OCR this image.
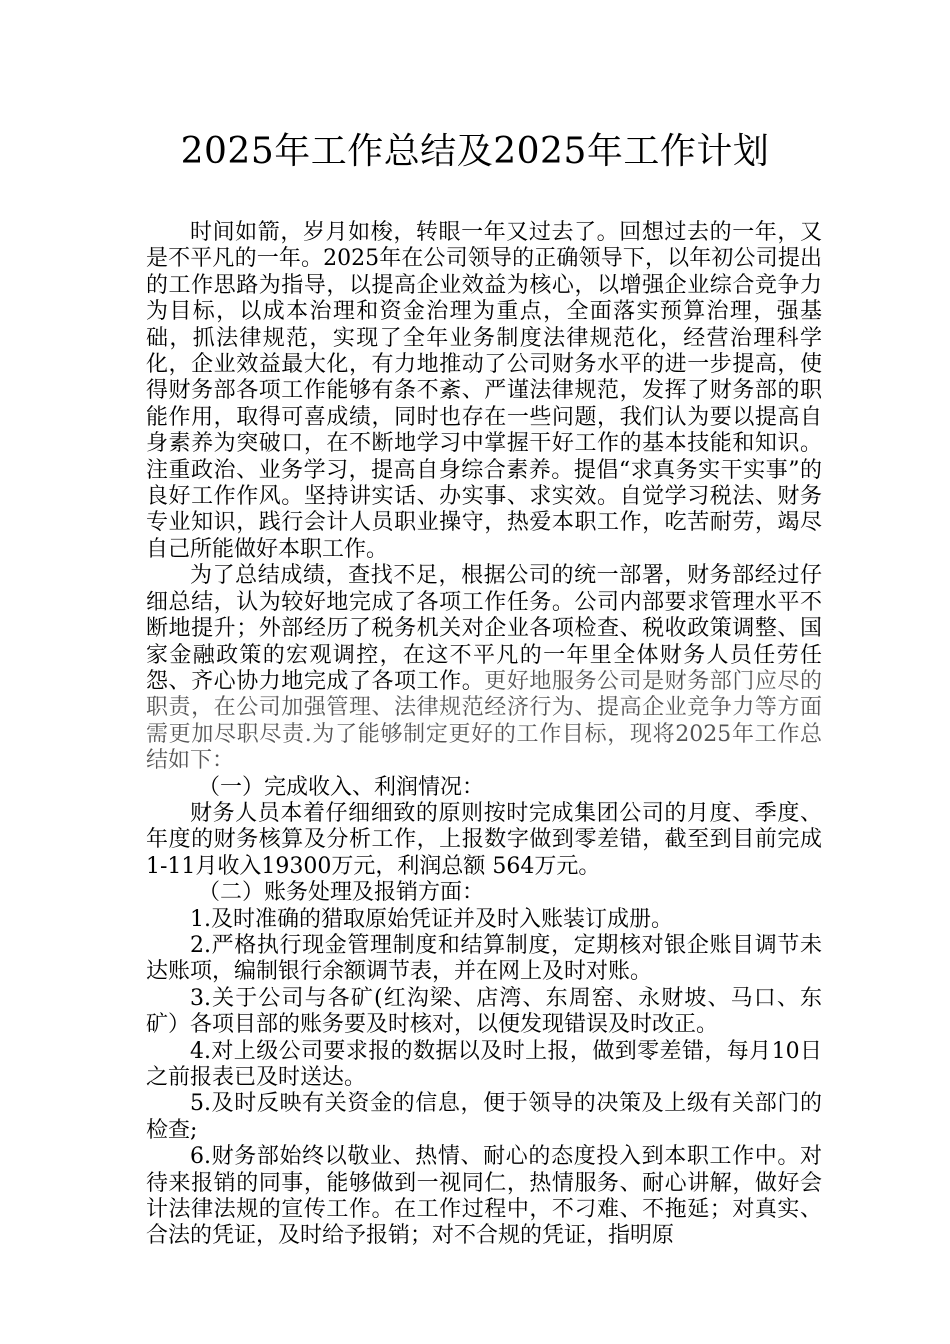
2025年工作总结及2025年工作计划

时间如箭，岁月如梭，转眼一年又过去了。回想过去的一年，又是不平凡的一年。2025年在公司领导的正确领导下，以年初公司提出的工作思路为指导，以提高企业效益为核心，以增强企业综合竞争力为目标，以成本治理和资金治理为重点，全面落实预算治理，强基础，抓法律规范，实现了全年业务制度法律规范化，经营治理科学化，企业效益最大化，有力地推动了公司财务水平的进一步提高，使得财务部各项工作能够有条不紊、严谨法律规范，发挥了财务部的职能作用，取得可喜成绩，同时也存在一些问题，我们认为要以提高自身素养为突破口，在不断地学习中掌握干好工作的基本技能和知识。注重政治、业务学习，提高自身综合素养。提倡“求真务实干实事”的良好工作作风。坚持讲实话、办实事、求实效。自觉学习税法、财务专业知识，践行会计人员职业操守，热爱本职工作，吃苦耐劳，竭尽自己所能做好本职工作。

为了总结成绩，查找不足，根据公司的统一部署，财务部经过仔细总结，认为较好地完成了各项工作任务。公司内部要求管理水平不断地提升；外部经历了税务机关对企业各项检查、税收政策调整、国家金融政策的宏观调控，在这不平凡的一年里全体财务人员任劳任怨、齐心协力地完成了各项工作。更好地服务公司是财务部门应尽的职责，在公司加强管理、法律规范经济行为、提高企业竞争力等方面需更加尽职尽责.为了能够制定更好的工作目标，现将2025年工作总结如下：

（一）完成收入、利润情况：

财务人员本着仔细细致的原则按时完成集团公司的月度、季度、年度的财务核算及分析工作，上报数字做到零差错，截至到目前完成1-11月收入19300万元，利润总额 564万元。

（二）账务处理及报销方面：

1.及时准确的猎取原始凭证并及时入账装订成册。

2.严格执行现金管理制度和结算制度，定期核对银企账目调节未达账项，编制银行余额调节表，并在网上及时对账。

3.关于公司与各矿(红沟梁、店湾、东周窑、永财坡、马口、东矿）各项目部的账务要及时核对，以便发现错误及时改正。

4.对上级公司要求报的数据以及时上报，做到零差错，每月10日之前报表已及时送达。

5.及时反映有关资金的信息，便于领导的决策及上级有关部门的检查;

6.财务部始终以敬业、热情、耐心的态度投入到本职工作中。对待来报销的同事，能够做到一视同仁，热情服务、耐心讲解，做好会计法律法规的宣传工作。在工作过程中，不刁难、不拖延；对真实、合法的凭证，及时给予报销；对不合规的凭证，指明原
